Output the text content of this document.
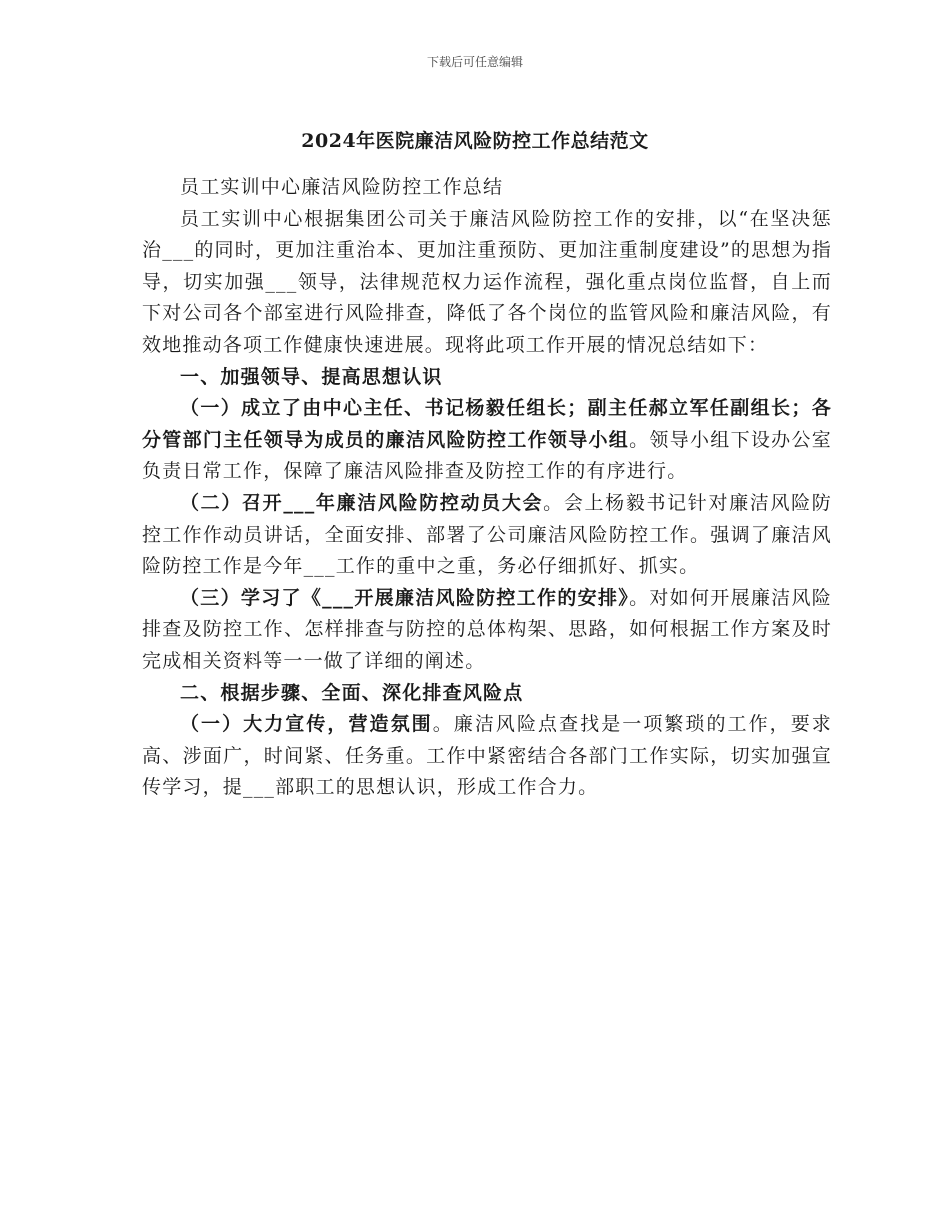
下载后可任意编辑
2024年医院廉洁风险防控工作总结范文

员工实训中心廉洁风险防控工作总结

员工实训中心根据集团公司关于廉洁风险防控工作的安排，以“在坚决惩治___的同时，更加注重治本、更加注重预防、更加注重制度建设”的思想为指导，切实加强___领导，法律规范权力运作流程，强化重点岗位监督，自上而下对公司各个部室进行风险排查，降低了各个岗位的监管风险和廉洁风险，有效地推动各项工作健康快速进展。现将此项工作开展的情况总结如下：

一、加强领导、提高思想认识

（一）成立了由中心主任、书记杨毅任组长；副主任郝立军任副组长；各分管部门主任领导为成员的廉洁风险防控工作领导小组。领导小组下设办公室负责日常工作，保障了廉洁风险排查及防控工作的有序进行。

（二）召开___年廉洁风险防控动员大会。会上杨毅书记针对廉洁风险防控工作作动员讲话，全面安排、部署了公司廉洁风险防控工作。强调了廉洁风险防控工作是今年___工作的重中之重，务必仔细抓好、抓实。

（三）学习了《___开展廉洁风险防控工作的安排》。对如何开展廉洁风险排查及防控工作、怎样排查与防控的总体构架、思路，如何根据工作方案及时完成相关资料等一一做了详细的阐述。

二、根据步骤、全面、深化排查风险点

（一）大力宣传，营造氛围。廉洁风险点查找是一项繁琐的工作，要求高、涉面广，时间紧、任务重。工作中紧密结合各部门工作实际，切实加强宣传学习，提___部职工的思想认识，形成工作合力。
